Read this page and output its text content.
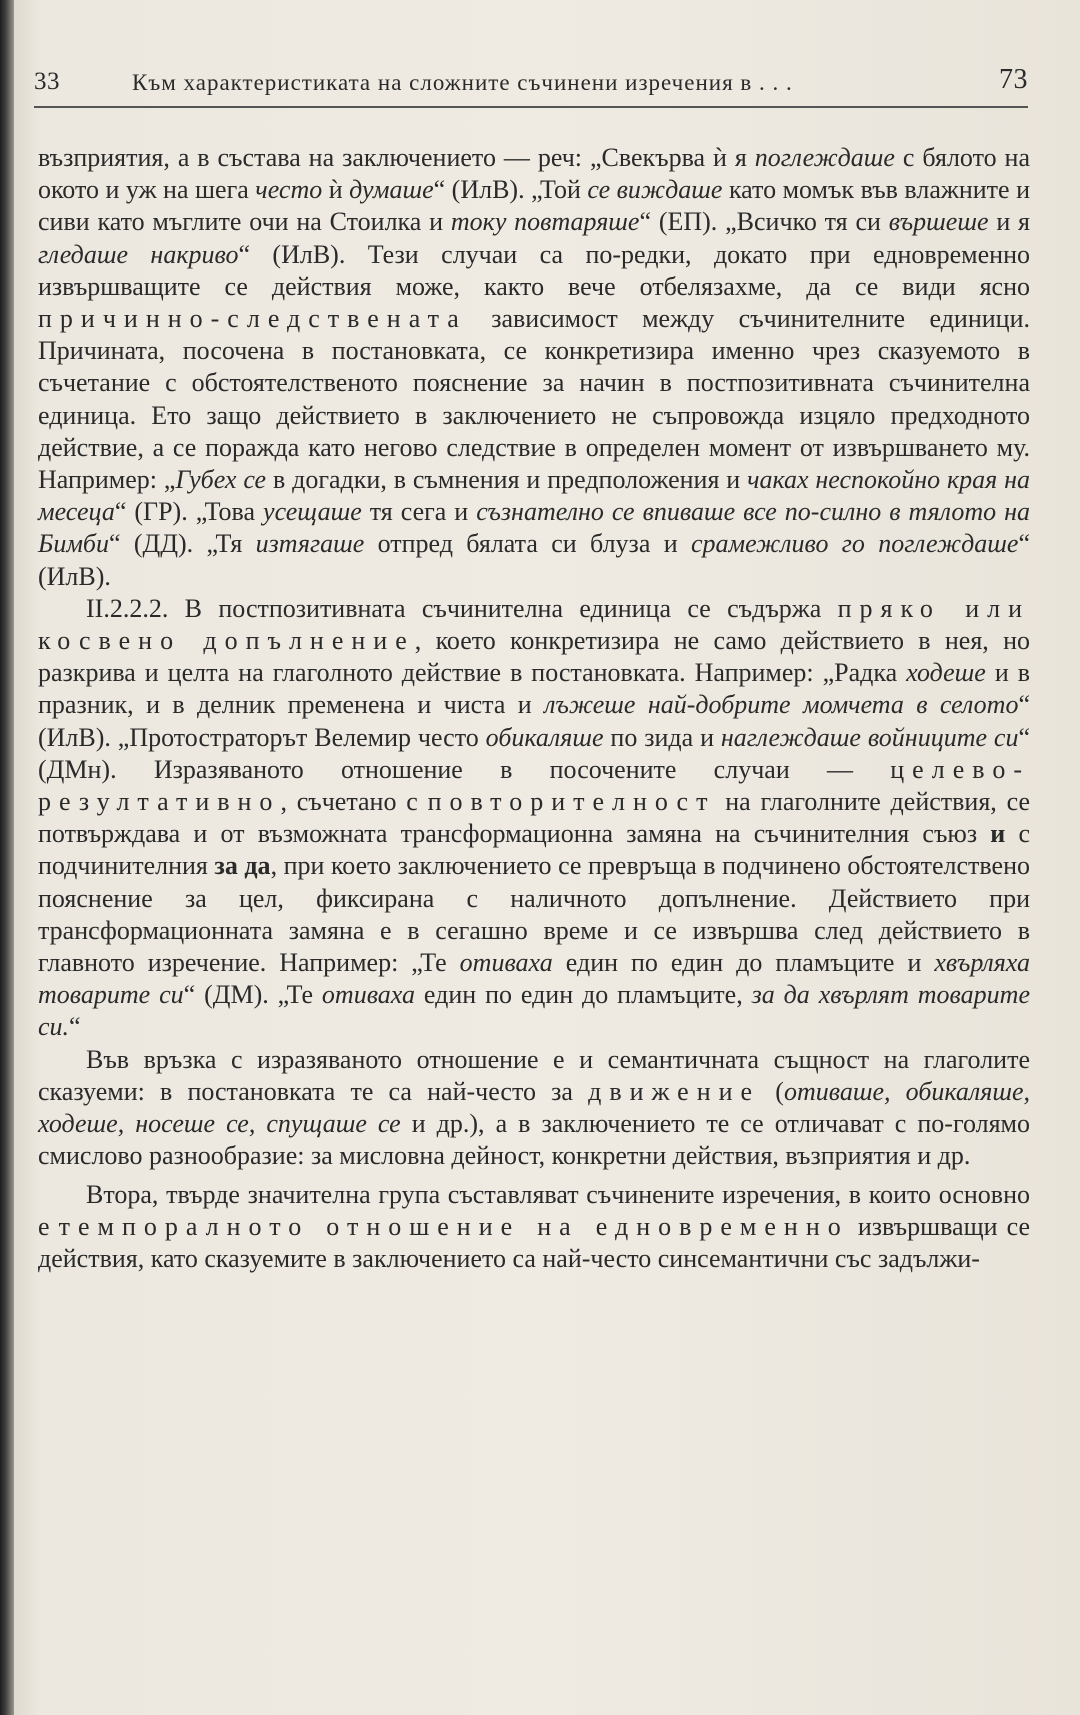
33	Към характеристиката на сложните съчинени изречения в . . .	73

възприятия, а в състава на заключението — реч: „Свекърва ѝ я поглеждаше с бялото на окото и уж на шега често ѝ думаше“ (ИлВ). „Той се виждаше като момък във влажните и сиви като мъглите очи на Стоилка и току повтаряше“ (ЕП). „Всичко тя си вършеше и я гледаше накриво“ (ИлВ). Тези случаи са по-редки, докато при едновременно извършващите се действия може, както вече отбелязахме, да се види ясно причинно-следствената зависимост между съчинителните единици. Причината, посочена в постановката, се конкретизира именно чрез сказуемото в съчетание с обстоятелственото пояснение за начин в постпозитивната съчинителна единица. Ето защо действието в заключението не съпровожда изцяло предходното действие, а се поражда като негово следствие в определен момент от извършването му. Например: „Губех се в догадки, в съмнения и предположения и чаках неспокойно края на месеца“ (ГР). „Това усещаше тя сега и съзнателно се впиваше все по-силно в тялото на Бимби“ (ДД). „Тя изтягаше отпред бялата си блуза и срамежливо го поглеждаше“ (ИлВ).

II.2.2.2. В постпозитивната съчинителна единица се съдържа пряко или косвено допълнение, което конкретизира не само действието в нея, но разкрива и целта на глаголното действие в постановката. Например: „Радка ходеше и в празник, и в делник пременена и чиста и лъжеше най-добрите момчета в селото“ (ИлВ). „Протостраторът Велемир често обикаляше по зида и наглеждаше войниците си“ (ДМн). Изразяваното отношение в посочените случаи — целево-резултативно, съчетано с повторителност на глаголните действия, се потвърждава и от възможната трансформационна замяна на съчинителния съюз и с подчинителния за да, при което заключението се превръща в подчинено обстоятелствено пояснение за цел, фиксирана с наличното допълнение. Действието при трансформационната замяна е в сегашно време и се извършва след действието в главното изречение. Например: „Те отиваха един по един до пламъците и хвърляха товарите си“ (ДМ). „Те отиваха един по един до пламъците, за да хвърлят товарите си.“

Във връзка с изразяваното отношение е и семантичната същност на глаголите сказуеми: в постановката те са най-често за движение (отиваше, обикаляше, ходеше, носеше се, спущаше се и др.), а в заключението те се отличават с по-голямо смислово разнообразие: за мисловна дейност, конкретни действия, възприятия и др.

Втора, твърде значителна група съставляват съчинените изречения, в които основно е темпоралното отношение на едновременно извършващи се действия, като сказуемите в заключението са най-често синсемантични със задължи-
